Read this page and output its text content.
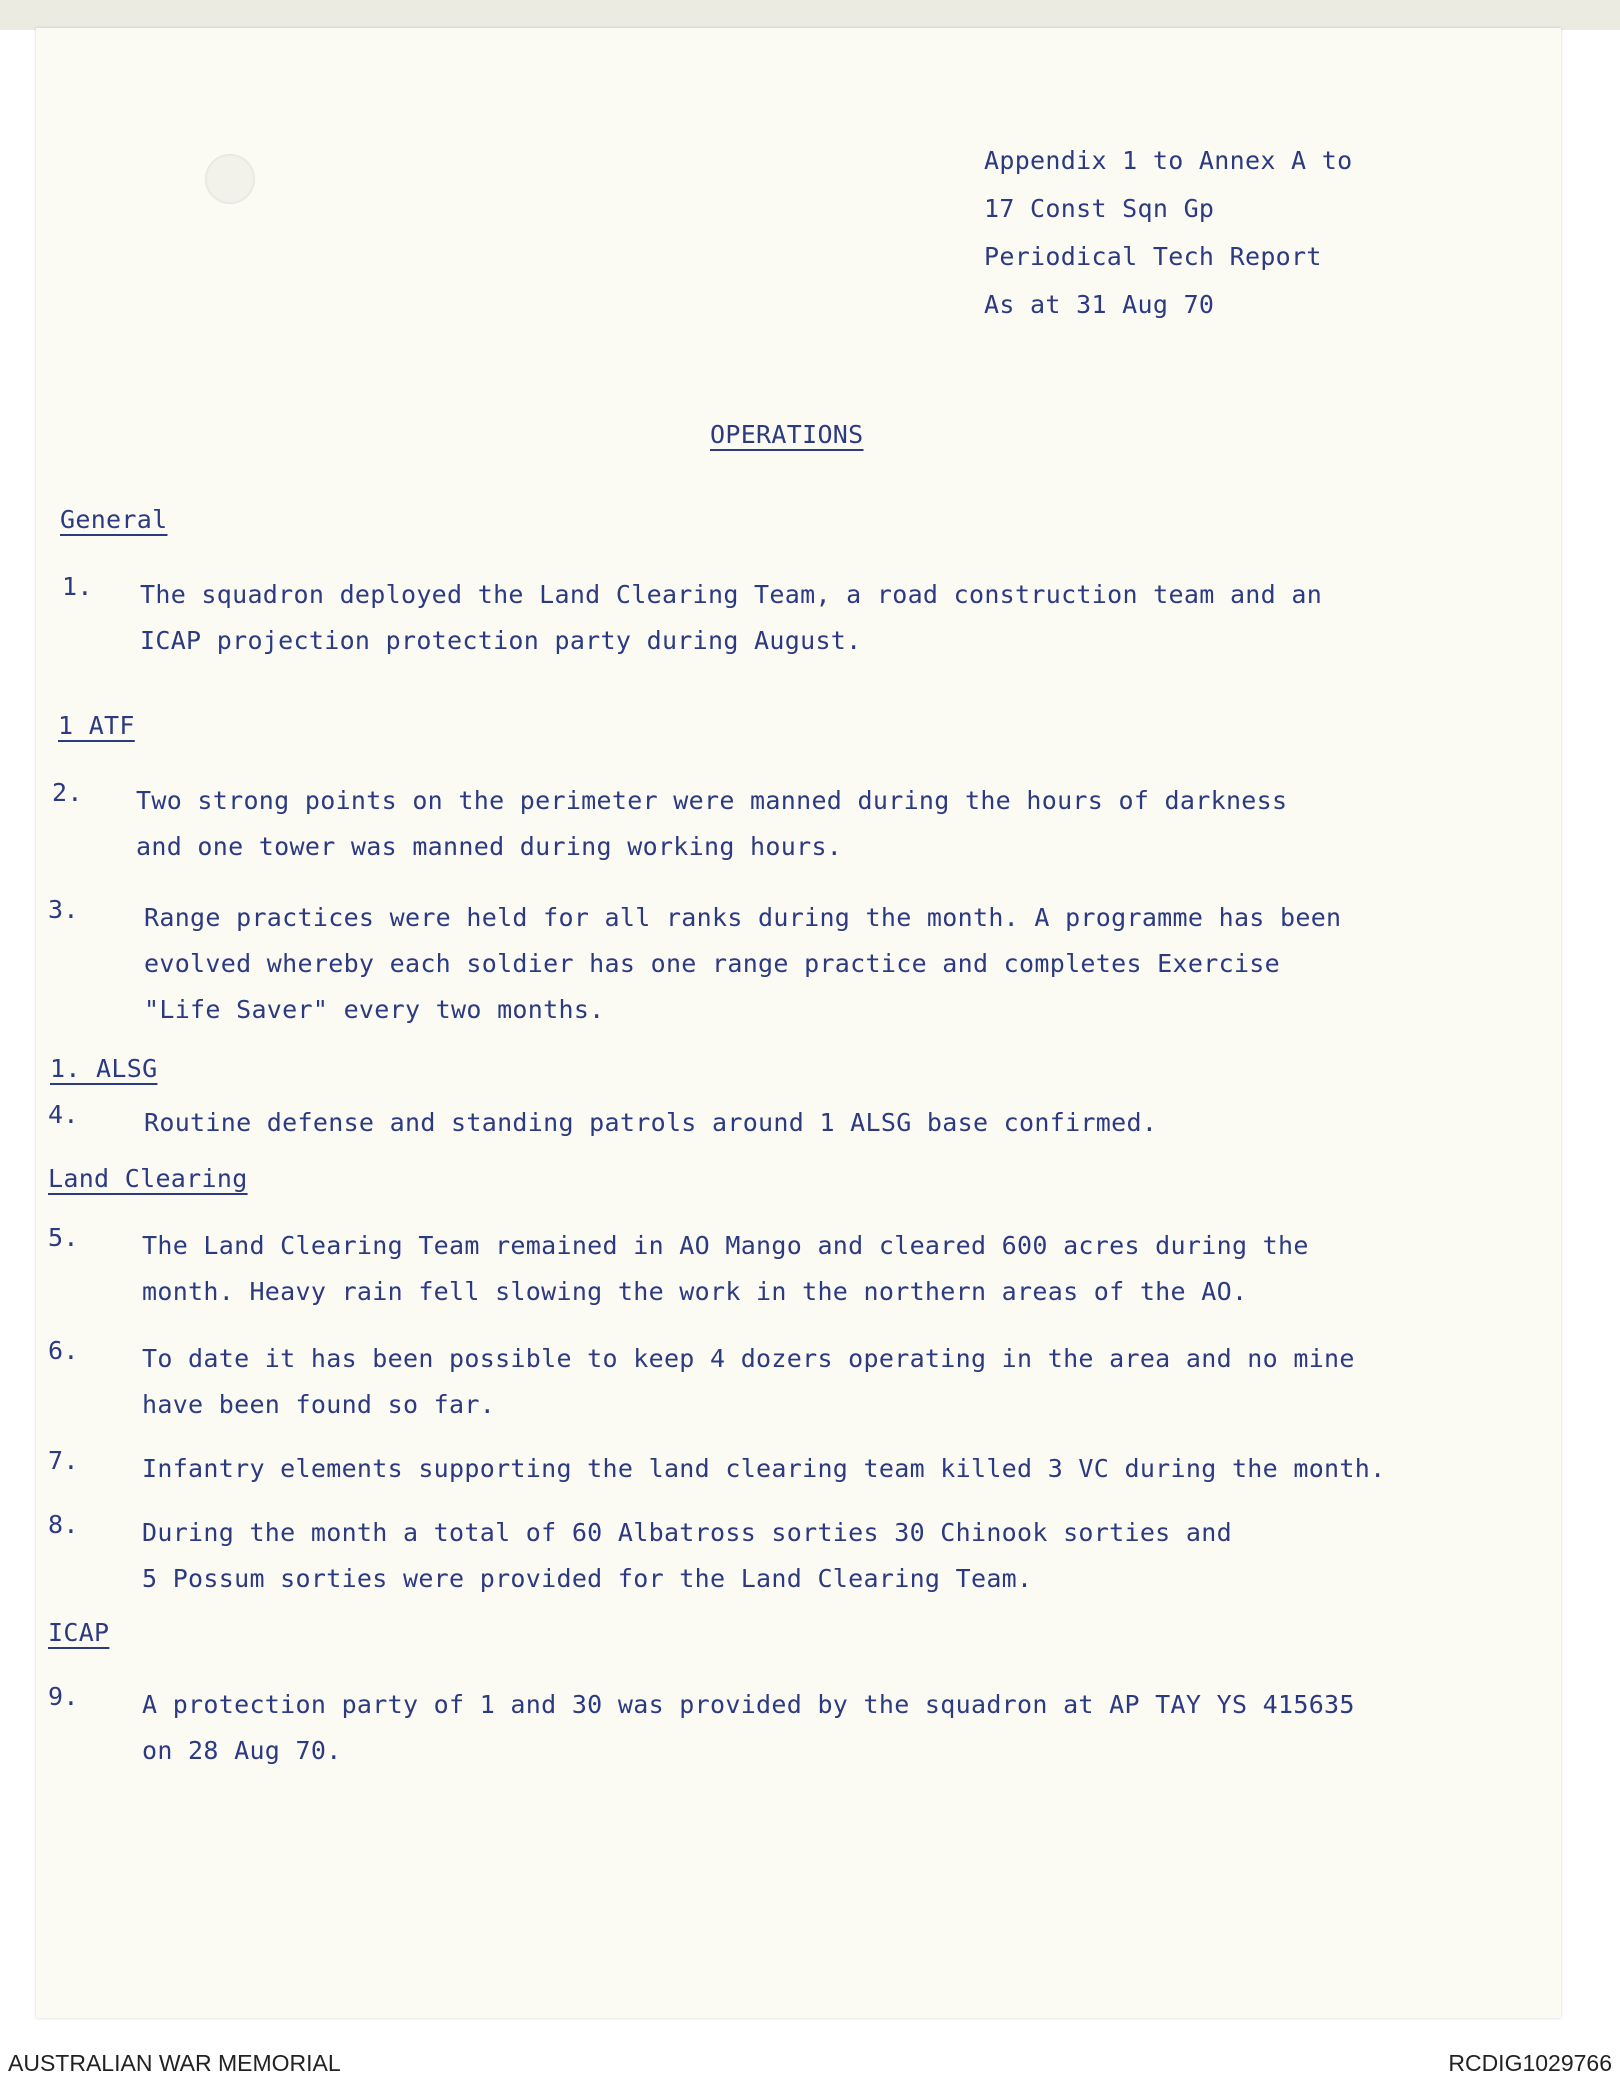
Appendix 1 to Annex A to
17 Const Sqn Gp
Periodical Tech Report
As at 31 Aug 70
OPERATIONS
General
1. The squadron deployed the Land Clearing Team, a road construction team and an
ICAP projection protection party during August.
1 ATF
2. Two strong points on the perimeter were manned during the hours of darkness
and one tower was manned during working hours.
3.	Range practices were held for all ranks during the month. A programme has been
evolved whereby each soldier has one range practice and completes Exercise
"Life Saver" every two months.
1. ALSG
4.	Routine defense and standing patrols around 1 ALSG base confirmed.
Land Clearing
5.	The Land Clearing Team remained in AO Mango and cleared 600 acres during the
month. Heavy rain fell slowing the work in the northern areas of the AO.
6.	To date it has been possible to keep 4 dozers operating in the area and no mine
have been found so far.
7.	Infantry elements supporting the land clearing team killed 3 VC during the month.
8.	During the month a total of 60 Albatross sorties 30 Chinook sorties and
5 Possum sorties were provided for the Land Clearing Team.
ICAP
9.	A protection party of 1 and 30 was provided by the squadron at AP TAY YS 415635
on 28 Aug 70.
AUSTRALIAN WAR MEMORIAL	RCDIG1029766
